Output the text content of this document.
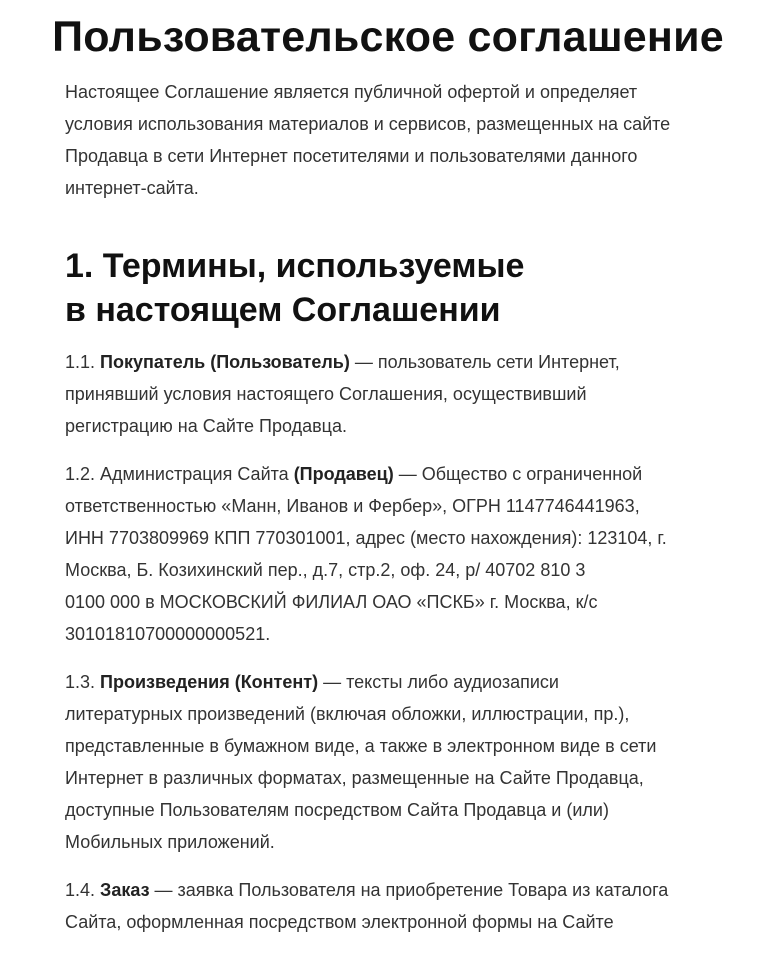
Пользовательское соглашение

Настоящее Соглашение является публичной офертой и определяет

условия использования материалов и сервисов, размещенных на сайте

Продавца в сети Интернет посетителями и пользователями данного

интернет-сайта.

1. Термины, используемые
в настоящем Соглашении

1.1. Покупатель (Пользователь) — пользователь сети Интернет,

принявший условия настоящего Соглашения, осуществивший

регистрацию на Сайте Продавца.

1.2. Администрация Сайта (Продавец) — Общество с ограниченной

ответственностью «Манн, Иванов и Фербер», ОГРН 1147746441963,

ИНН 7703809969 КПП 770301001, адрес (место нахождения): 123104, г.

Москва, Б. Козихинский пер., д.7, стр.2, оф. 24, р/ 40702 810 3

0100 000 в МОСКОВСКИЙ ФИЛИАЛ ОАО «ПСКБ» г. Москва, к/с

30101810700000000521.

1.3. Произведения (Контент) — тексты либо аудиозаписи

литературных произведений (включая обложки, иллюстрации, пр.),

представленные в бумажном виде, а также в электронном виде в сети

Интернет в различных форматах, размещенные на Сайте Продавца,

доступные Пользователям посредством Сайта Продавца и (или)

Мобильных приложений.

1.4. Заказ — заявка Пользователя на приобретение Товара из каталога

Сайта, оформленная посредством электронной формы на Сайте
